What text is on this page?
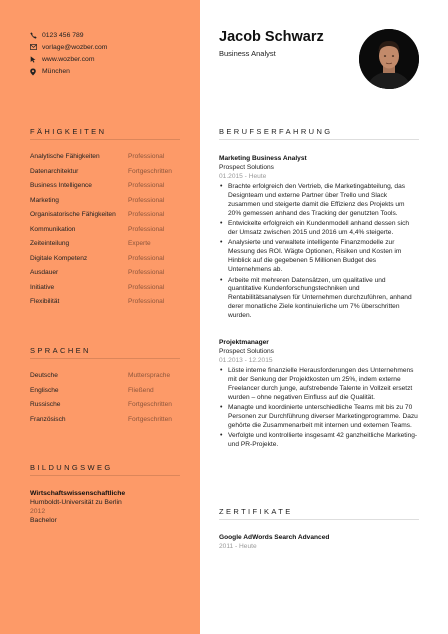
0123 456 789
vorlage@wozber.com
www.wozber.com
München
FÄHIGKEITEN
Analytische Fähigkeiten	Professional
Datenarchitektur	Fortgeschritten
Business Intelligence	Professional
Marketing	Professional
Organisatorische Fähigkeiten Professional
Kommunikation	Professional
Zeiteinteilung	Experte
Digitale Kompetenz	Professional
Ausdauer	Professional
Initiative	Professional
Flexibilität	Professional
SPRACHEN
Deutsche	Muttersprache
Englische	Fließend
Russische	Fortgeschritten
Französisch	Fortgeschritten
BILDUNGSWEG
Wirtschaftswissenschaftliche
Humboldt-Universität zu Berlin
2012
Bachelor
Jacob Schwarz
Business Analyst
BERUFSERFAHRUNG
Marketing Business Analyst
Prospect Solutions
01.2015 - Heute
• Brachte erfolgreich den Vertrieb, die Marketingabteilung, das Designteam und externe Partner über Trello und Slack zusammen und steigerte damit die Effizienz des Projekts um 20% gemessen anhand des Tracking der genutzten Tools.
• Entwickelte erfolgreich ein Kundenmodell anhand dessen sich der Umsatz zwischen 2015 und 2016 um 4,4% steigerte.
• Analysierte und verwaltete intelligente Finanzmodelle zur Messung des ROI. Wägte Optionen, Risiken und Kosten im Hinblick auf die gegebenen 5 Millionen Budget des Unternehmens ab.
• Arbeite mit mehreren Datensätzen, um qualitative und quantitative Kundenforschungstechniken und Rentabilitätsanalysen für Unternehmen durchzuführen, anhand derer monatliche Ziele kontinuierliche um 7% überschritten wurden.
Projektmanager
Prospect Solutions
01.2013 - 12.2015
• Löste interne finanzielle Herausforderungen des Unternehmens mit der Senkung der Projektkosten um 25%, indem externe Freelancer durch junge, aufstrebende Talente in Vollzeit ersetzt wurden – ohne negativen Einfluss auf die Qualität.
• Managte und koordinierte unterschiedliche Teams mit bis zu 70 Personen zur Durchführung diverser Marketingprogramme. Dazu gehörte die Zusammenarbeit mit internen und externen Teams.
• Verfolgte und kontrollierte insgesamt 42 ganzheitliche Marketing- und PR-Projekte.
ZERTIFIKATE
Google AdWords Search Advanced
2011 - Heute
